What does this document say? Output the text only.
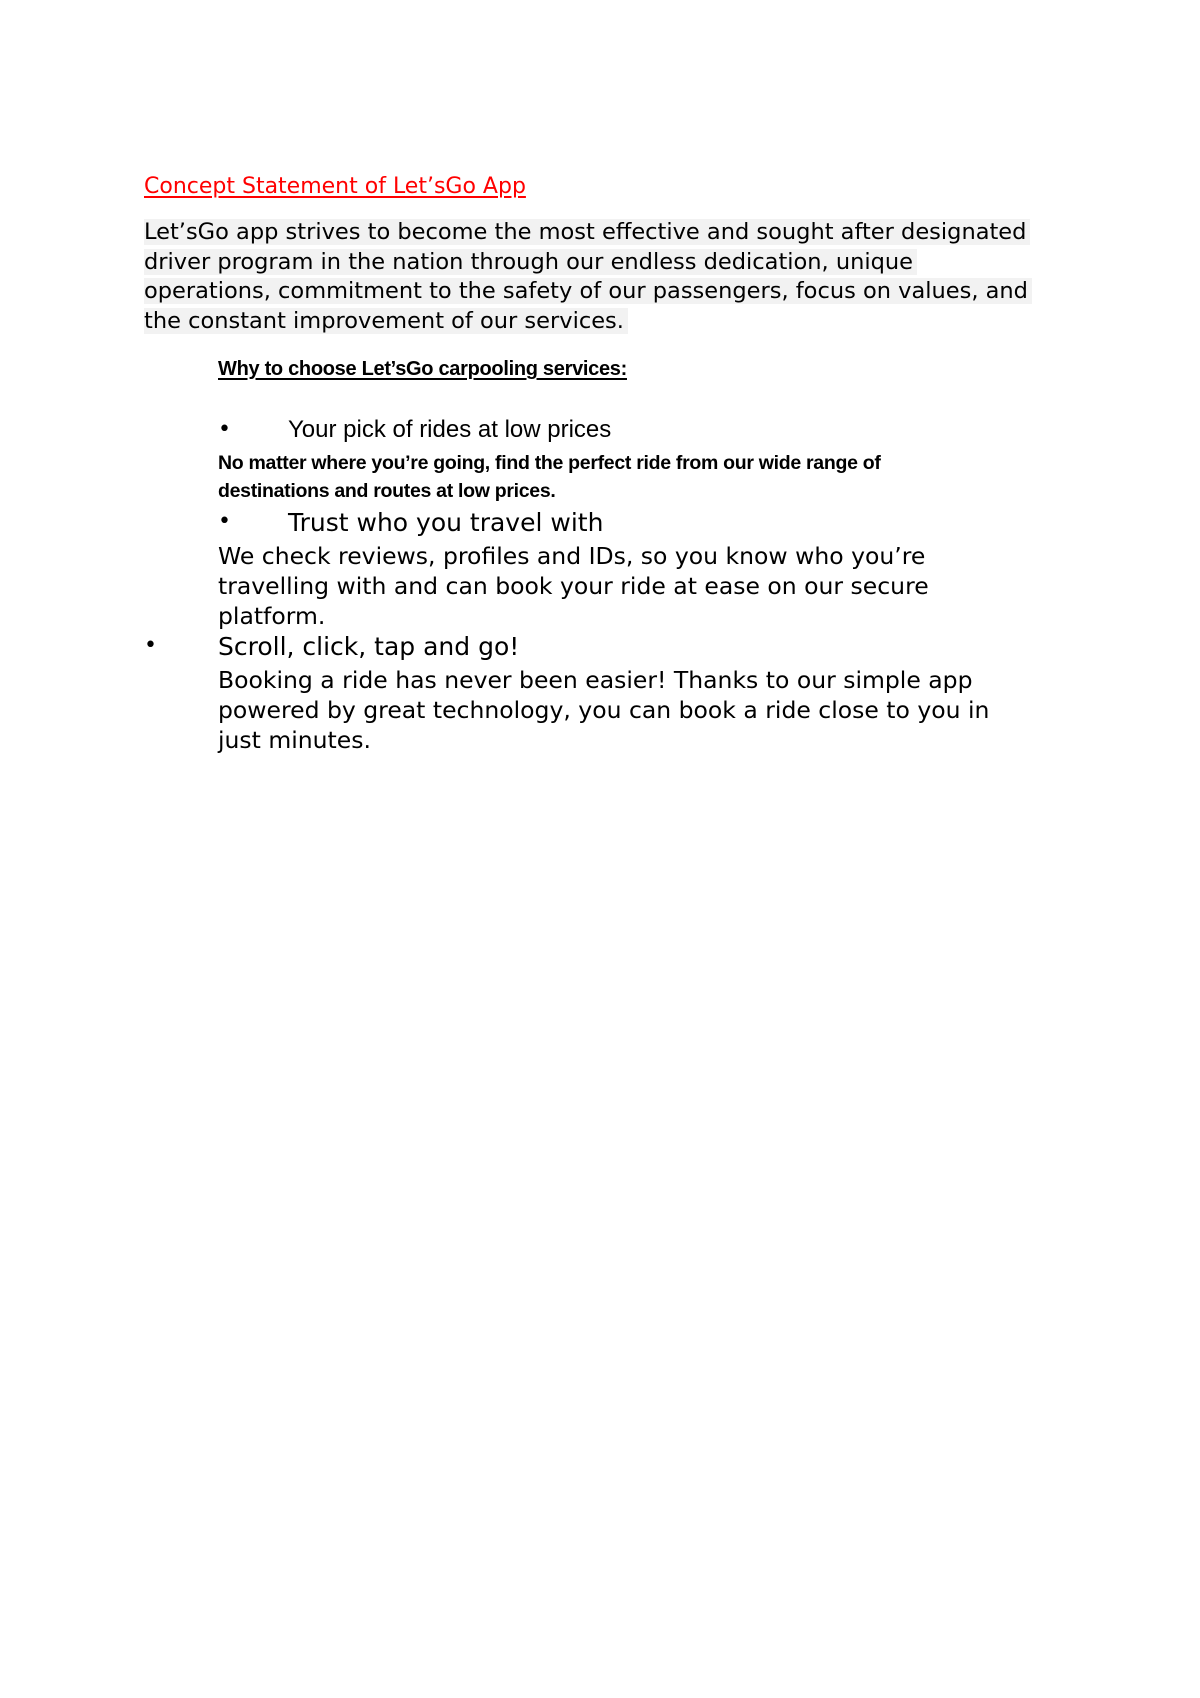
Concept Statement of Let’sGo App
Let’sGo app strives to become the most effective and sought after designated
driver program in the nation through our endless dedication, unique
operations, commitment to the safety of our passengers, focus on values, and
the constant improvement of our services.
Why to choose Let’sGo carpooling services:
• Your pick of rides at low prices
No matter where you’re going, find the perfect ride from our wide range of
destinations and routes at low prices.
• Trust who you travel with
We check reviews, profiles and IDs, so you know who you’re
travelling with and can book your ride at ease on our secure
platform.
• Scroll, click, tap and go!
Booking a ride has never been easier! Thanks to our simple app
powered by great technology, you can book a ride close to you in
just minutes.
